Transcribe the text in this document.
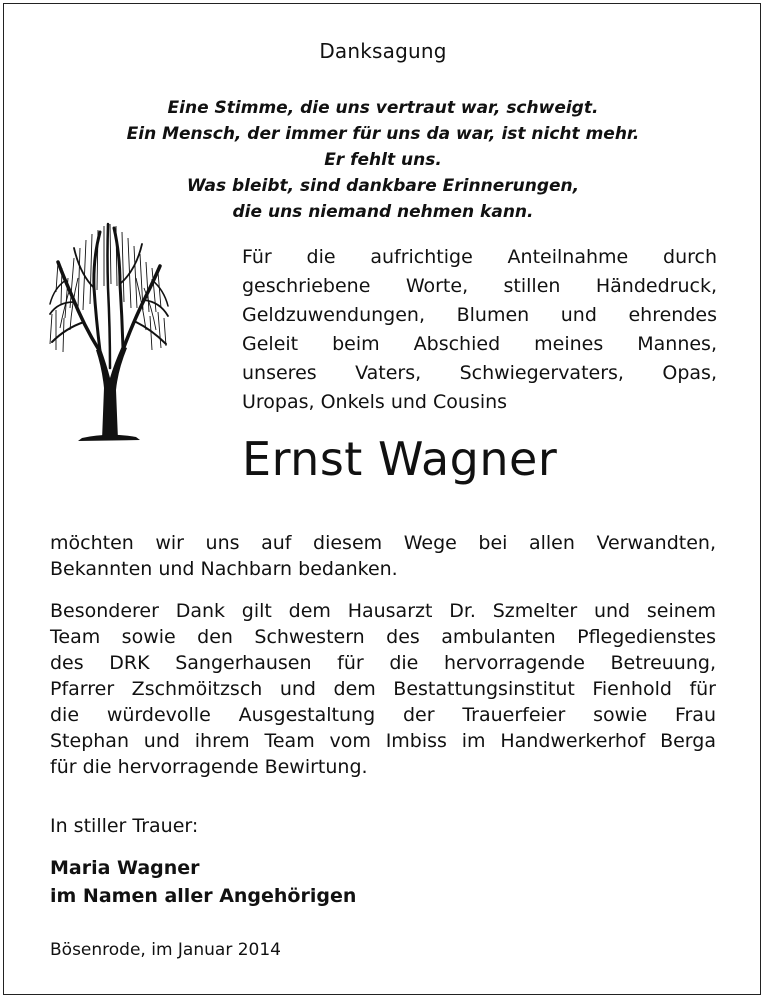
Danksagung
Eine Stimme, die uns vertraut war, schweigt.
Ein Mensch, der immer für uns da war, ist nicht mehr.
Er fehlt uns.
Was bleibt, sind dankbare Erinnerungen,
die uns niemand nehmen kann.
Für die aufrichtige Anteilnahme durch
geschriebene Worte, stillen Händedruck,
Geldzuwendungen, Blumen und ehrendes
Geleit beim Abschied meines Mannes,
unseres Vaters, Schwiegervaters, Opas,
Uropas, Onkels und Cousins
Ernst Wagner
möchten wir uns auf diesem Wege bei allen Verwandten,
Bekannten und Nachbarn bedanken.
Besonderer Dank gilt dem Hausarzt Dr. Szmelter und seinem
Team sowie den Schwestern des ambulanten Pflegedienstes
des DRK Sangerhausen für die hervorragende Betreuung,
Pfarrer Zschmöitzsch und dem Bestattungsinstitut Fienhold für
die würdevolle Ausgestaltung der Trauerfeier sowie Frau
Stephan und ihrem Team vom Imbiss im Handwerkerhof Berga
für die hervorragende Bewirtung.
In stiller Trauer:
Maria Wagner
im Namen aller Angehörigen
Bösenrode, im Januar 2014
